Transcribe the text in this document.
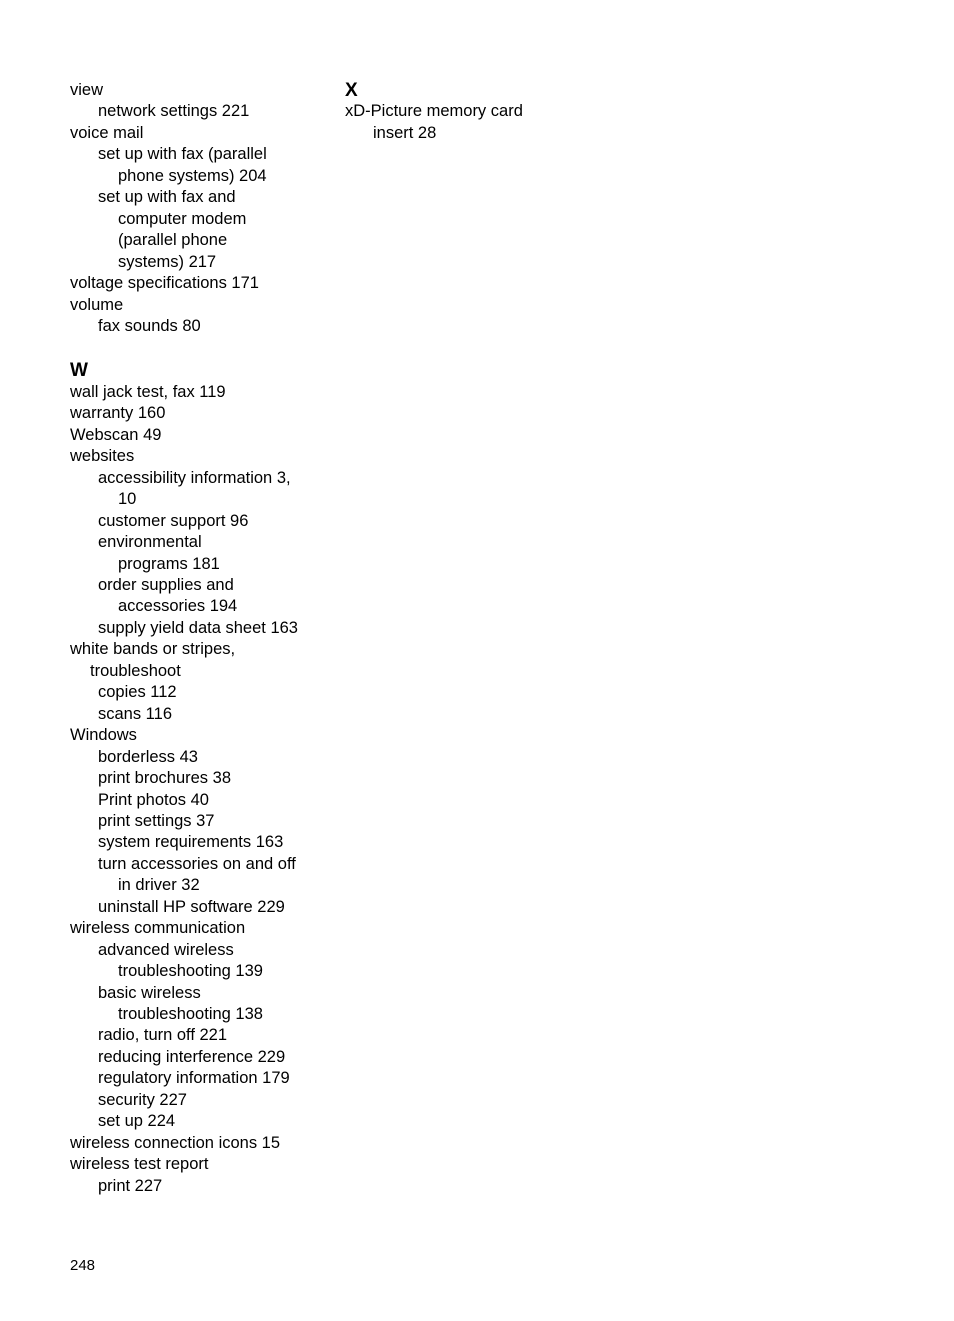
view
network settings 221
voice mail
set up with fax (parallel
phone systems) 204
set up with fax and
computer modem
(parallel phone
systems) 217
voltage specifications 171
volume
fax sounds 80
W
wall jack test, fax 119
warranty 160
Webscan 49
websites
accessibility information 3,
10
customer support 96
environmental
programs 181
order supplies and
accessories 194
supply yield data sheet 163
white bands or stripes,
troubleshoot
copies 112
scans 116
Windows
borderless 43
print brochures 38
Print photos 40
print settings 37
system requirements 163
turn accessories on and off
in driver 32
uninstall HP software 229
wireless communication
advanced wireless
troubleshooting 139
basic wireless
troubleshooting 138
radio, turn off 221
reducing interference 229
regulatory information 179
security 227
set up 224
wireless connection icons 15
wireless test report
print 227
X
xD-Picture memory card
insert 28
248
